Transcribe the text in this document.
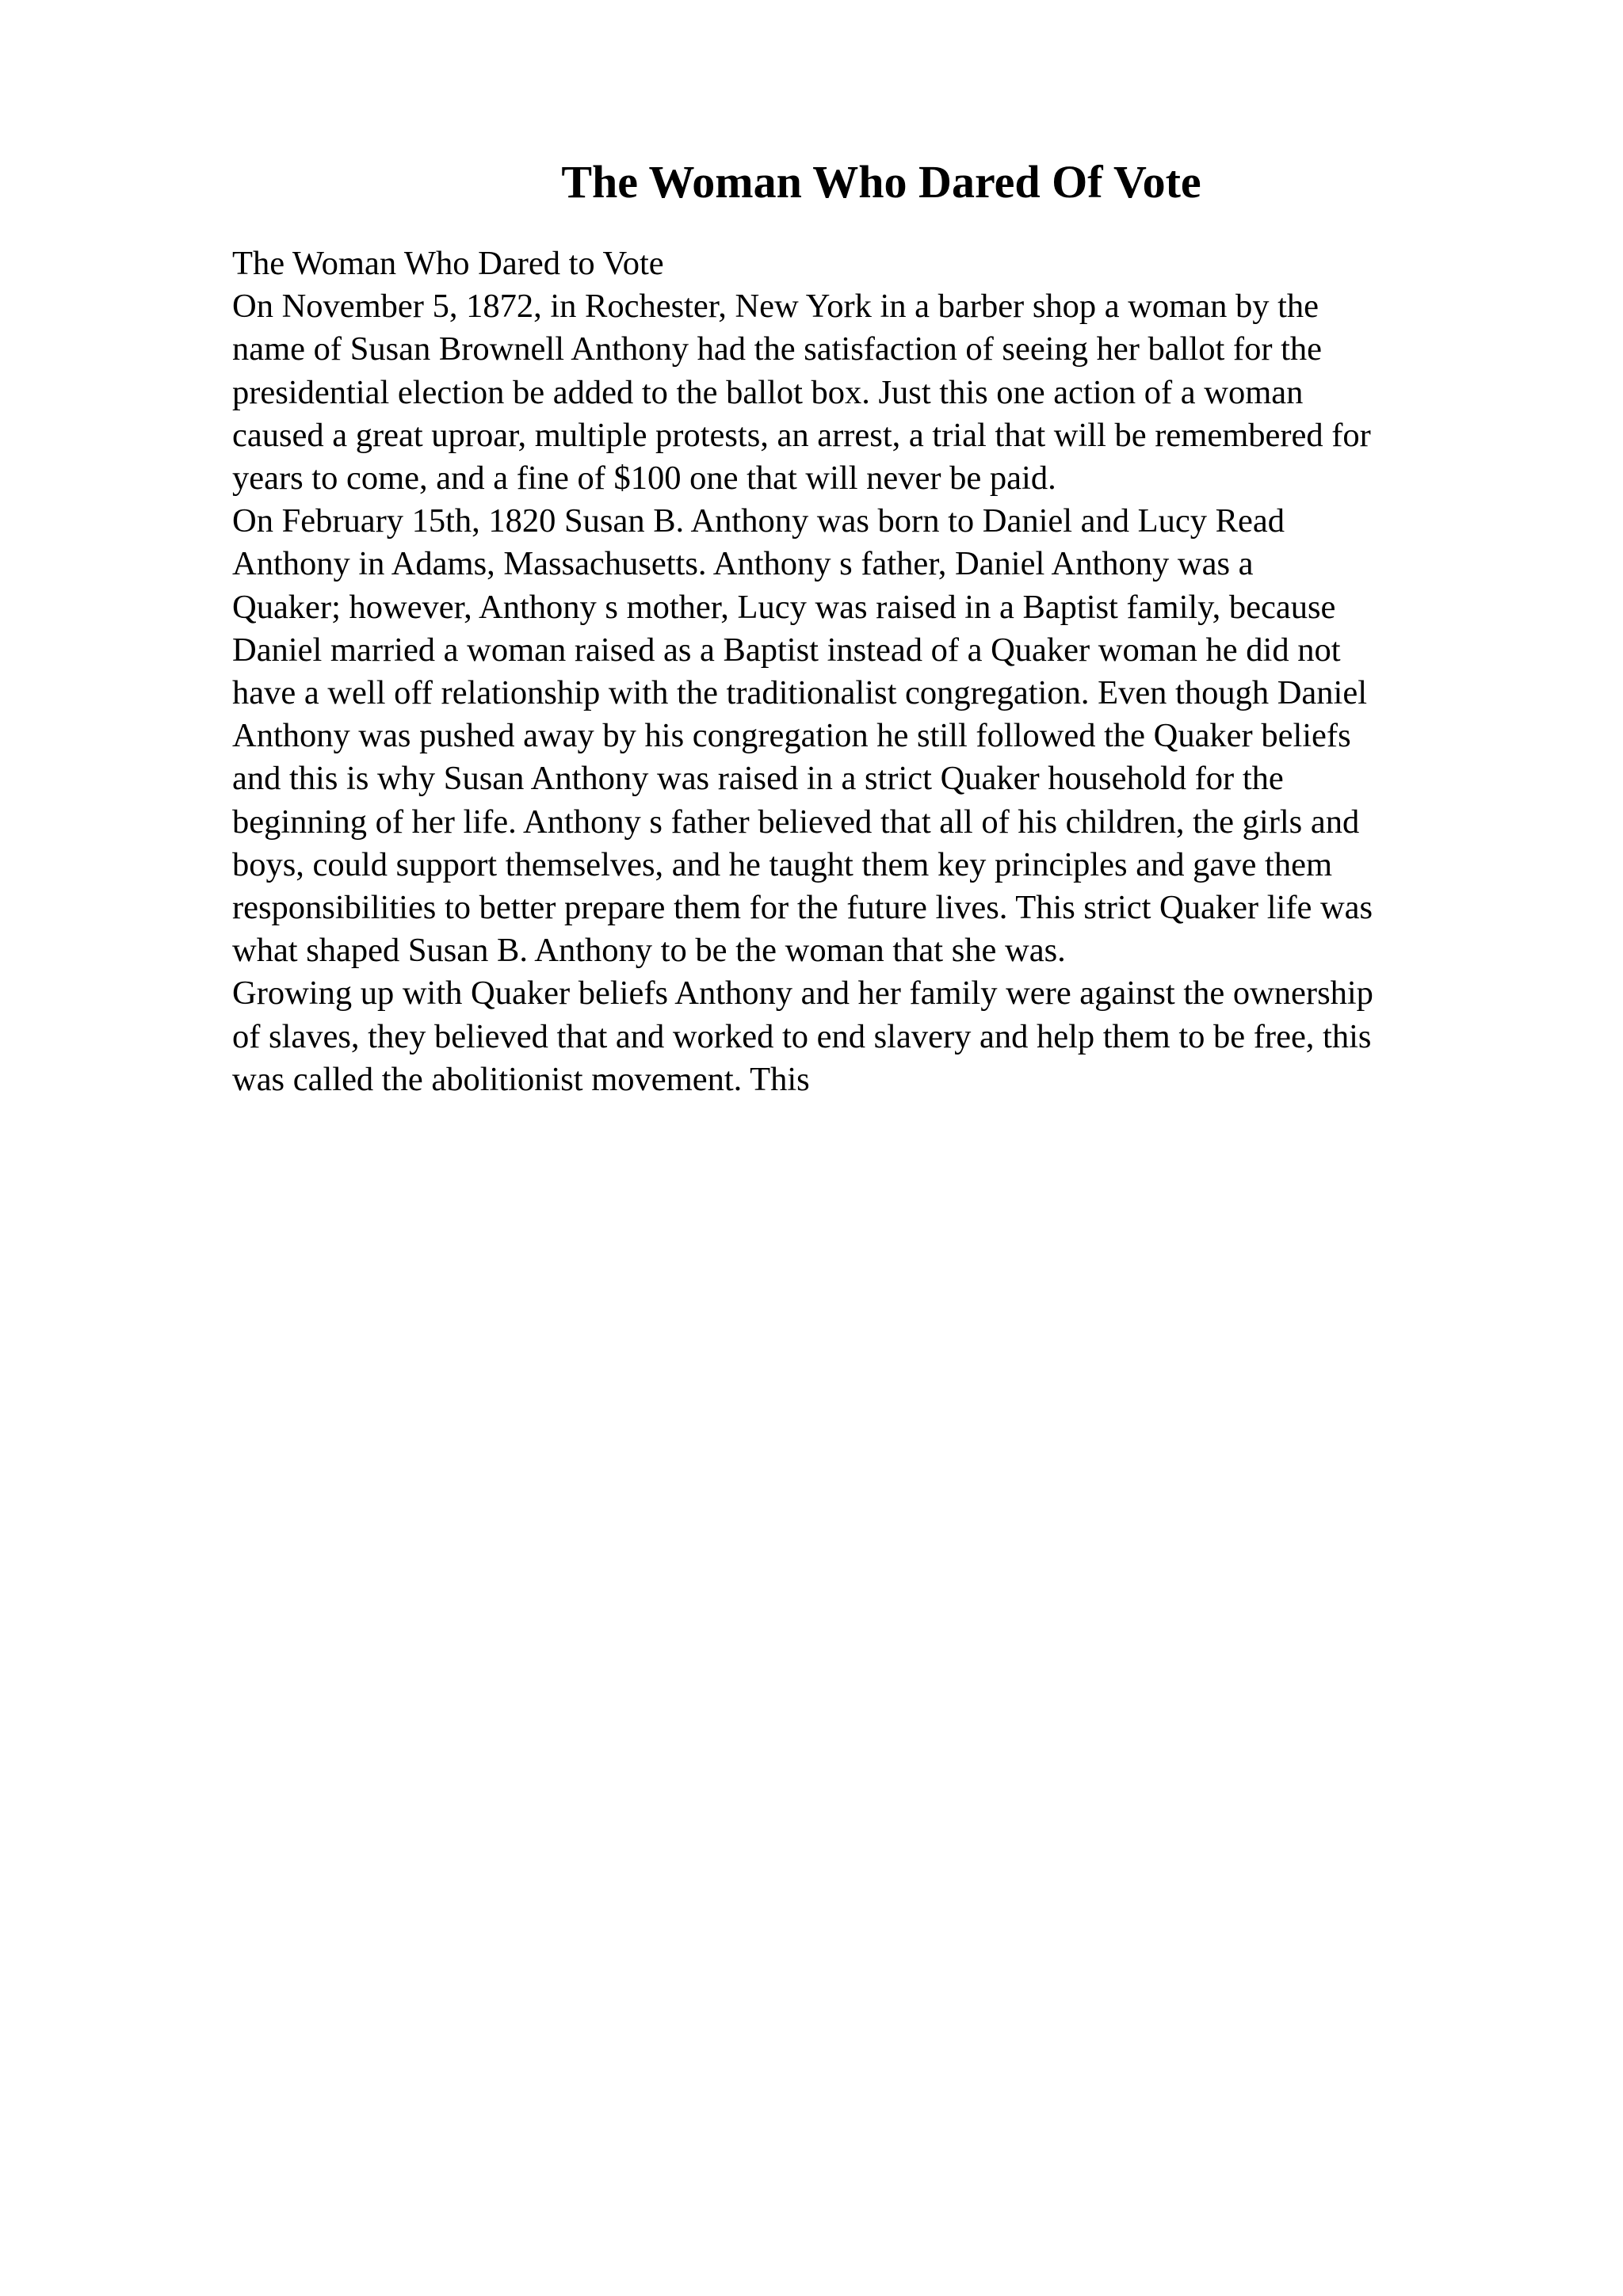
The Woman Who Dared Of Vote
The Woman Who Dared to Vote
On November 5, 1872, in Rochester, New York in a barber shop a woman by the
name of Susan Brownell Anthony had the satisfaction of seeing her ballot for the
presidential election be added to the ballot box. Just this one action of a woman
caused a great uproar, multiple protests, an arrest, a trial that will be remembered for
years to come, and a fine of $100 one that will never be paid.
On February 15th, 1820 Susan B. Anthony was born to Daniel and Lucy Read
Anthony in Adams, Massachusetts. Anthony s father, Daniel Anthony was a
Quaker; however, Anthony s mother, Lucy was raised in a Baptist family, because
Daniel married a woman raised as a Baptist instead of a Quaker woman he did not
have a well off relationship with the traditionalist congregation. Even though Daniel
Anthony was pushed away by his congregation he still followed the Quaker beliefs
and this is why Susan Anthony was raised in a strict Quaker household for the
beginning of her life. Anthony s father believed that all of his children, the girls and
boys, could support themselves, and he taught them key principles and gave them
responsibilities to better prepare them for the future lives. This strict Quaker life was
what shaped Susan B. Anthony to be the woman that she was.
Growing up with Quaker beliefs Anthony and her family were against the ownership
of slaves, they believed that and worked to end slavery and help them to be free, this
was called the abolitionist movement. This
